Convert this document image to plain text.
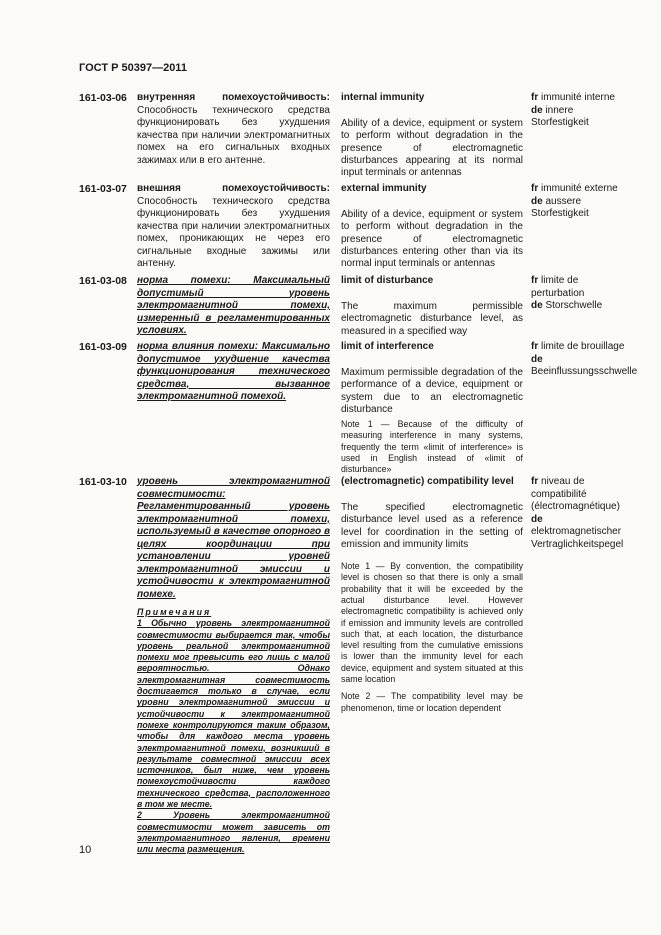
ГОСТ Р 50397—2011
161-03-06 внутренняя помехоустойчивость: Способность технического средства функционировать без ухудшения качества при наличии электромагнитных помех на его сигнальных входных зажимах или в его антенне.
internal immunity
Ability of a device, equipment or system to perform without degradation in the presence of electromagnetic disturbances appearing at its normal input terminals or antennas
fr immunité interne
de innere Storfestigkeit
161-03-07 внешняя помехоустойчивость: Способность технического средства функционировать без ухудшения качества при наличии электромагнитных помех, проникающих не через его сигнальные входные зажимы или антенну.
external immunity
Ability of a device, equipment or system to perform without degradation in the presence of electromagnetic disturbances entering other than via its normal input terminals or antennas
fr immunité externe
de aussere Storfestigkeit
161-03-08 норма помехи: Максимальный допустимый уровень электромагнитной помехи, измеренный в регламентированных условиях.
limit of disturbance
The maximum permissible electromagnetic disturbance level, as measured in a specified way
fr limite de perturbation
de Storschwelle
161-03-09 норма влияния помехи: Максимально допустимое ухудшение качества функционирования технического средства, вызванное электромагнитной помехой.
limit of interference
Maximum permissible degradation of the performance of a device, equipment or system due to an electromagnetic disturbance
Note 1 — Because of the difficulty of measuring interference in many systems, frequently the term «limit of interference» is used in English instead of «limit of disturbance»
fr limite de brouillage
de Beeinflussungsschwelle
161-03-10 уровень электромагнитной совместимости: Регламентированный уровень электромагнитной помехи, используемый в качестве опорного в целях координации при установлении уровней электромагнитной эмиссии и устойчивости к электромагнитной помехе.
Примечания
1 Обычно уровень электромагнитной совместимости выбирается так, чтобы уровень реальной электромагнитной помехи мог превысить его лишь с малой вероятностью. Однако электромагнитная совместимость достигается только в случае, если уровни электромагнитной эмиссии и устойчивости к электромагнитной помехе контролируются таким образом, чтобы для каждого места уровень электромагнитной помехи, возникший в результате совместной эмиссии всех источников, был ниже, чем уровень помехоустойчивости каждого технического средства, расположенного в том же месте.
2 Уровень электромагнитной совместимости может зависеть от электромагнитного явления, времени или места размещения.
(electromagnetic) compatibility level
The specified electromagnetic disturbance level used as a reference level for coordination in the setting of emission and immunity limits
Note 1 — By convention, the compatibility level is chosen so that there is only a small probability that it will be exceeded by the actual disturbance level. However electromagnetic compatibility is achieved only if emission and immunity levels are controlled such that, at each location, the disturbance level resulting from the cumulative emissions is lower than the immunity level for each device, equipment and system situated at this same location
Note 2 — The compatibility level may be phenomenon, time or location dependent
fr niveau de compatibilité (électromagnétique)
de elektromagnetischer Vertraglichkeitspegel
10
